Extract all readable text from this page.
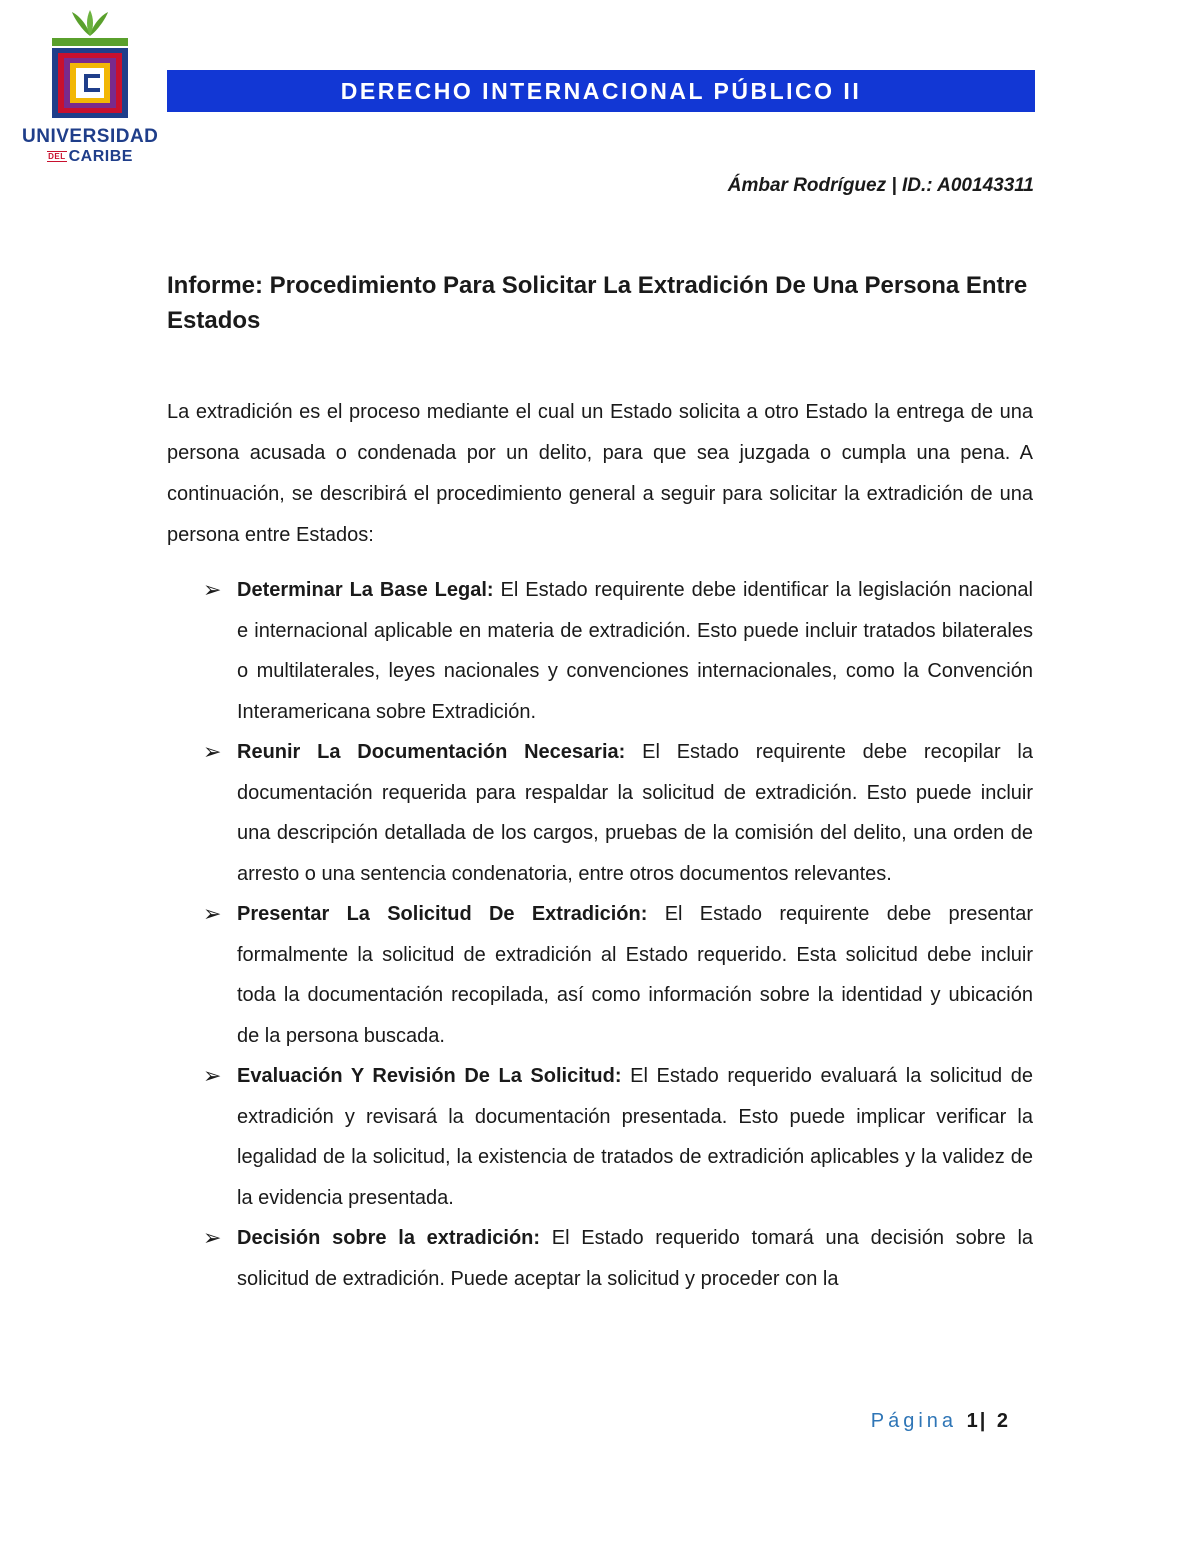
UNIVERSIDAD
DEL CARIBE
DERECHO INTERNACIONAL PÚBLICO II
Ámbar Rodríguez | ID.: A00143311
Informe: Procedimiento Para Solicitar La Extradición De Una Persona Entre Estados

La extradición es el proceso mediante el cual un Estado solicita a otro Estado la entrega de una persona acusada o condenada por un delito, para que sea juzgada o cumpla una pena. A continuación, se describirá el procedimiento general a seguir para solicitar la extradición de una persona entre Estados:

➢ Determinar La Base Legal: El Estado requirente debe identificar la legislación nacional e internacional aplicable en materia de extradición. Esto puede incluir tratados bilaterales o multilaterales, leyes nacionales y convenciones internacionales, como la Convención Interamericana sobre Extradición.
➢ Reunir La Documentación Necesaria: El Estado requirente debe recopilar la documentación requerida para respaldar la solicitud de extradición. Esto puede incluir una descripción detallada de los cargos, pruebas de la comisión del delito, una orden de arresto o una sentencia condenatoria, entre otros documentos relevantes.
➢ Presentar La Solicitud De Extradición: El Estado requirente debe presentar formalmente la solicitud de extradición al Estado requerido. Esta solicitud debe incluir toda la documentación recopilada, así como información sobre la identidad y ubicación de la persona buscada.
➢ Evaluación Y Revisión De La Solicitud: El Estado requerido evaluará la solicitud de extradición y revisará la documentación presentada. Esto puede implicar verificar la legalidad de la solicitud, la existencia de tratados de extradición aplicables y la validez de la evidencia presentada.
➢ Decisión sobre la extradición: El Estado requerido tomará una decisión sobre la solicitud de extradición. Puede aceptar la solicitud y proceder con la
Página 1| 2
